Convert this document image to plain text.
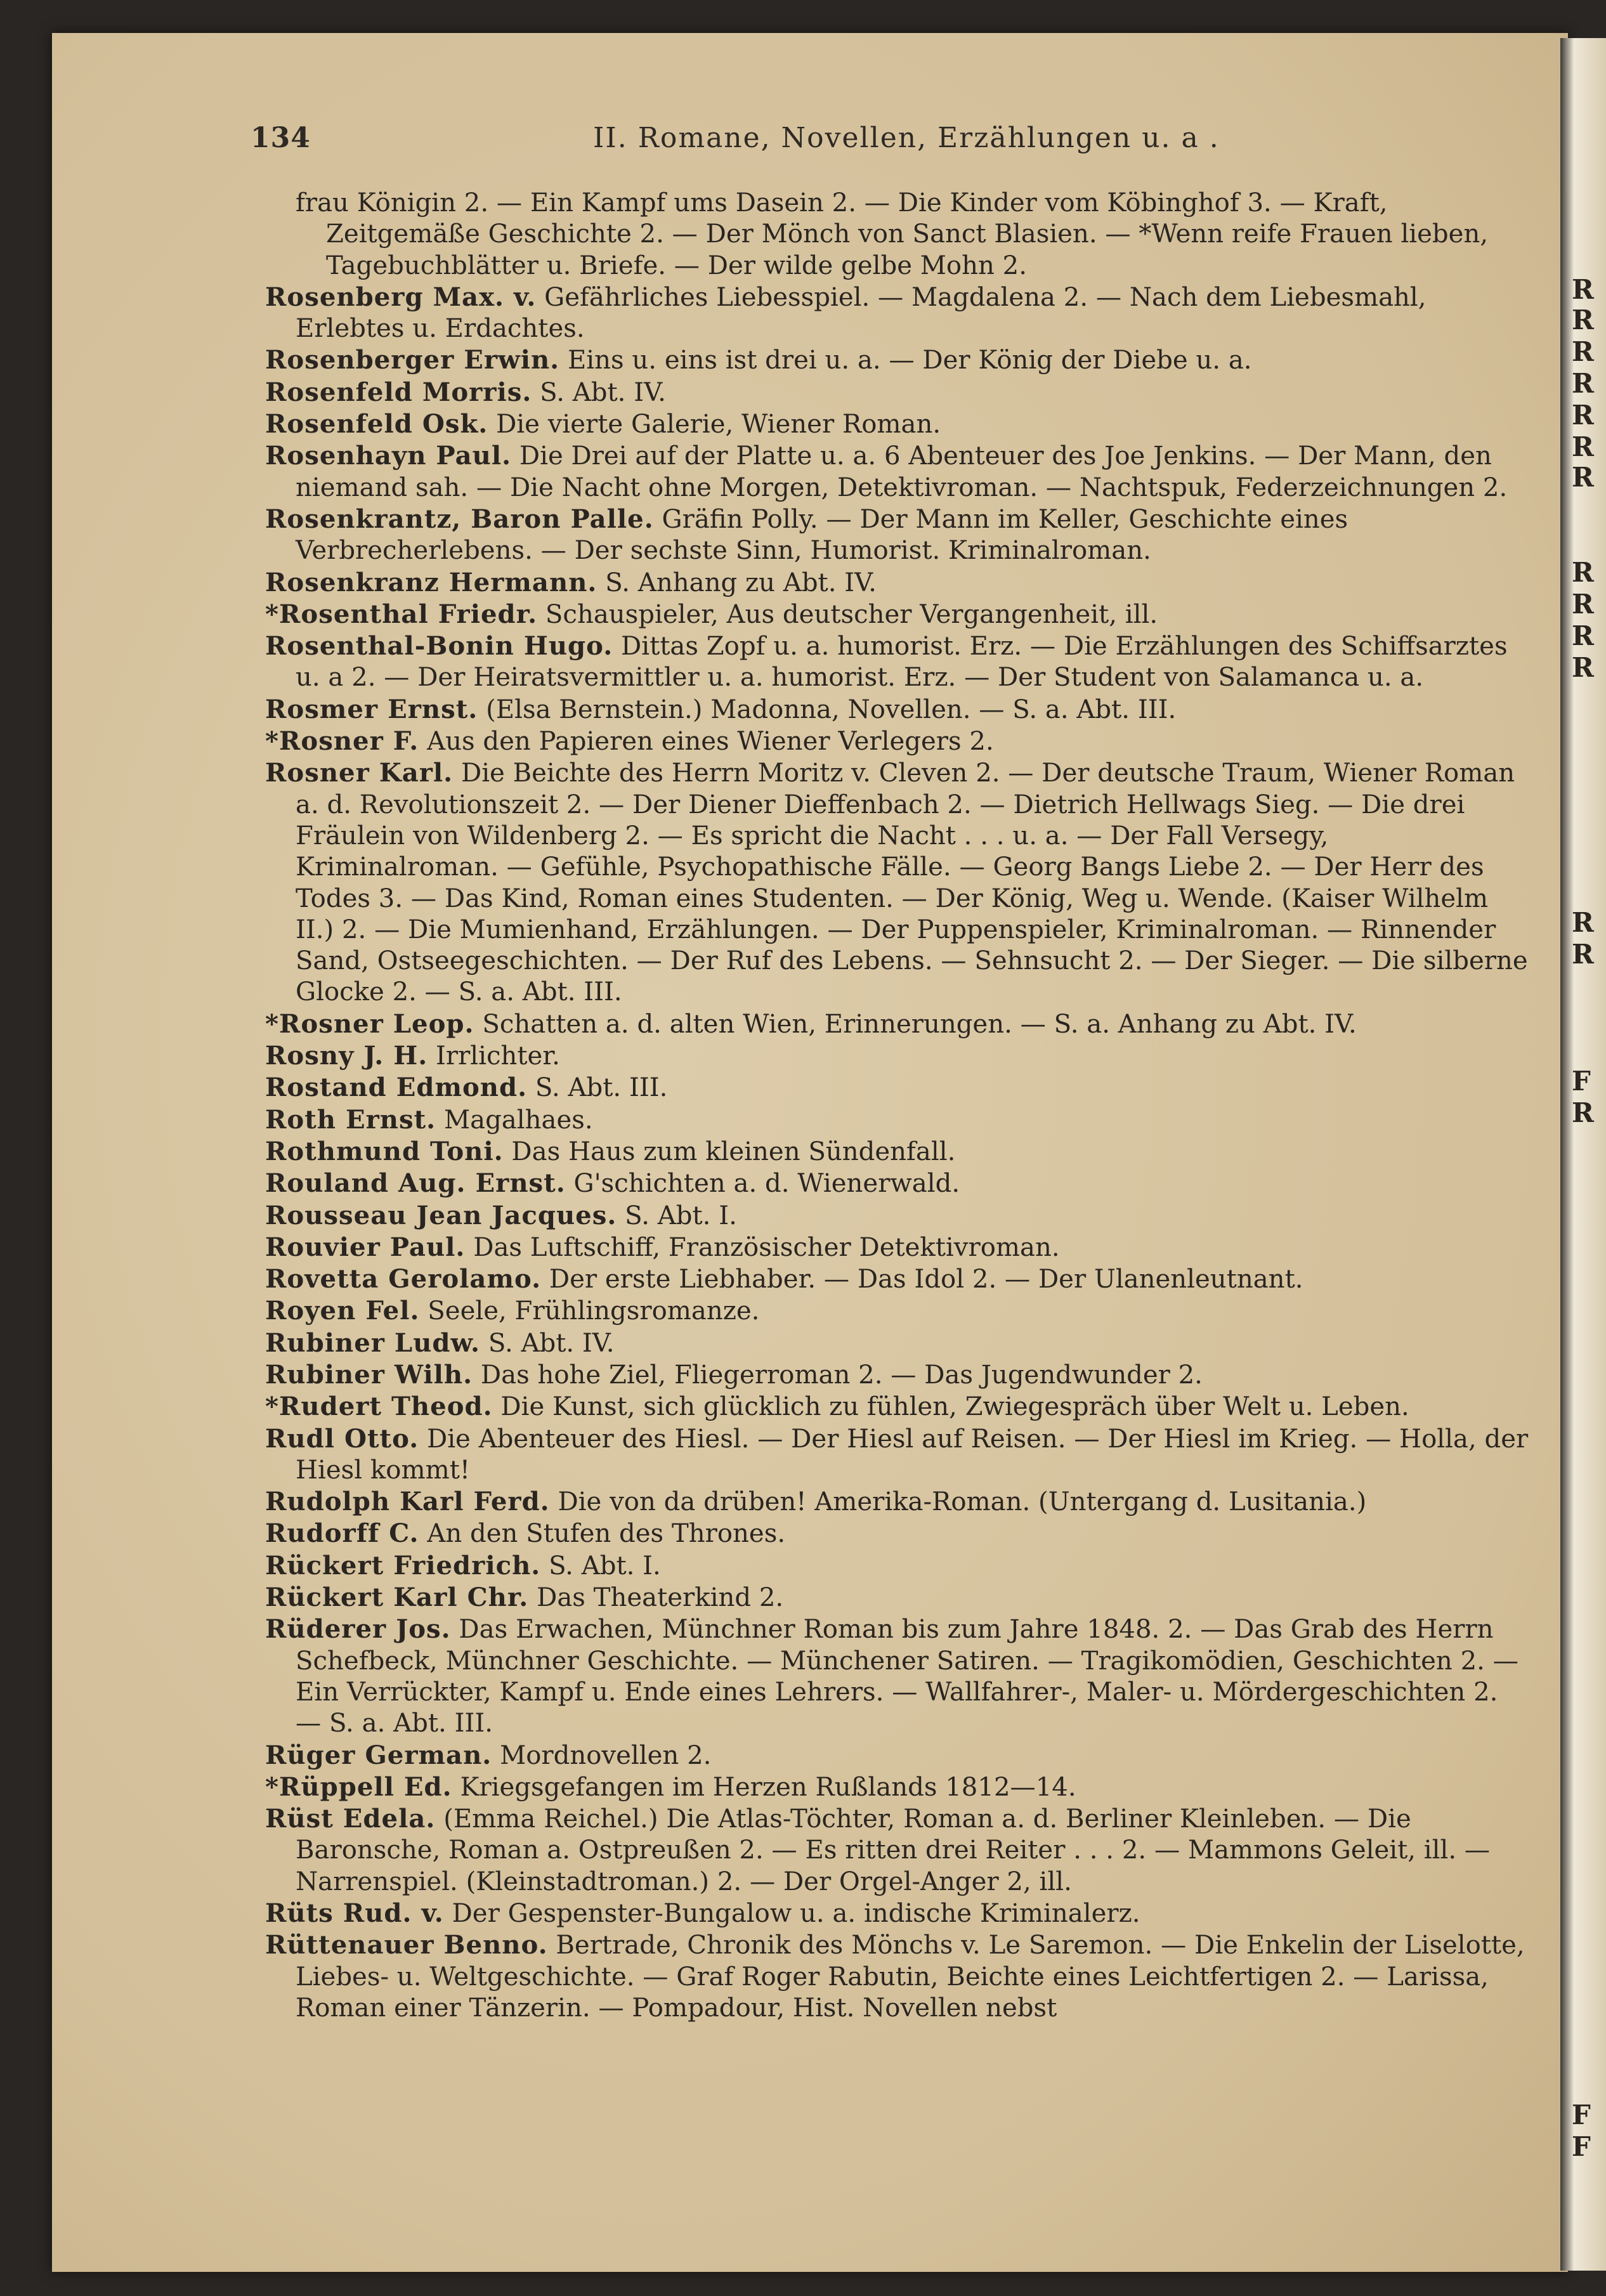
R
R
R
R
R
R
R
R
R
R
R
R
R
F
R
F
F
134	II. Romane, Novellen, Erzählungen u. a .
frau Königin 2. — Ein Kampf ums Dasein 2. — Die Kinder vom Köbinghof 3. — Kraft, Zeitgemäße Geschichte 2. — Der Mönch von Sanct Blasien. — *Wenn reife Frauen lieben, Tagebuchblätter u. Briefe. — Der wilde gelbe Mohn 2.
Rosenberg Max. v. Gefährliches Liebesspiel. — Magdalena 2. — Nach dem Liebesmahl, Erlebtes u. Erdachtes.
Rosenberger Erwin. Eins u. eins ist drei u. a. — Der König der Diebe u. a.
Rosenfeld Morris. S. Abt. IV.
Rosenfeld Osk. Die vierte Galerie, Wiener Roman.
Rosenhayn Paul. Die Drei auf der Platte u. a. 6 Abenteuer des Joe Jenkins. — Der Mann, den niemand sah. — Die Nacht ohne Morgen, Detektivroman. — Nachtspuk, Federzeichnungen 2.
Rosenkrantz, Baron Palle. Gräfin Polly. — Der Mann im Keller, Geschichte eines Verbrecherlebens. — Der sechste Sinn, Humorist. Kriminalroman.
Rosenkranz Hermann. S. Anhang zu Abt. IV.
*Rosenthal Friedr. Schauspieler, Aus deutscher Vergangenheit, ill.
Rosenthal-Bonin Hugo. Dittas Zopf u. a. humorist. Erz. — Die Erzählungen des Schiffsarztes u. a 2. — Der Heiratsvermittler u. a. humorist. Erz. — Der Student von Salamanca u. a.
Rosmer Ernst. (Elsa Bernstein.) Madonna, Novellen. — S. a. Abt. III.
*Rosner F. Aus den Papieren eines Wiener Verlegers 2.
Rosner Karl. Die Beichte des Herrn Moritz v. Cleven 2. — Der deutsche Traum, Wiener Roman a. d. Revolutionszeit 2. — Der Diener Dieffenbach 2. — Dietrich Hellwags Sieg. — Die drei Fräulein von Wildenberg 2. — Es spricht die Nacht . . . u. a. — Der Fall Versegy, Kriminalroman. — Gefühle, Psychopathische Fälle. — Georg Bangs Liebe 2. — Der Herr des Todes 3. — Das Kind, Roman eines Studenten. — Der König, Weg u. Wende. (Kaiser Wilhelm II.) 2. — Die Mumienhand, Erzählungen. — Der Puppenspieler, Kriminalroman. — Rinnender Sand, Ostseegeschichten. — Der Ruf des Lebens. — Sehnsucht 2. — Der Sieger. — Die silberne Glocke 2. — S. a. Abt. III.
*Rosner Leop. Schatten a. d. alten Wien, Erinnerungen. — S. a. Anhang zu Abt. IV.
Rosny J. H. Irrlichter.
Rostand Edmond. S. Abt. III.
Roth Ernst. Magalhaes.
Rothmund Toni. Das Haus zum kleinen Sündenfall.
Rouland Aug. Ernst. G'schichten a. d. Wienerwald.
Rousseau Jean Jacques. S. Abt. I.
Rouvier Paul. Das Luftschiff, Französischer Detektivroman.
Rovetta Gerolamo. Der erste Liebhaber. — Das Idol 2. — Der Ulanenleutnant.
Royen Fel. Seele, Frühlingsromanze.
Rubiner Ludw. S. Abt. IV.
Rubiner Wilh. Das hohe Ziel, Fliegerroman 2. — Das Jugendwunder 2.
*Rudert Theod. Die Kunst, sich glücklich zu fühlen, Zwiegespräch über Welt u. Leben.
Rudl Otto. Die Abenteuer des Hiesl. — Der Hiesl auf Reisen. — Der Hiesl im Krieg. — Holla, der Hiesl kommt!
Rudolph Karl Ferd. Die von da drüben! Amerika-Roman. (Untergang d. Lusitania.)
Rudorff C. An den Stufen des Thrones.
Rückert Friedrich. S. Abt. I.
Rückert Karl Chr. Das Theaterkind 2.
Rüderer Jos. Das Erwachen, Münchner Roman bis zum Jahre 1848. 2. — Das Grab des Herrn Schefbeck, Münchner Geschichte. — Münchener Satiren. — Tragikomödien, Geschichten 2. — Ein Verrückter, Kampf u. Ende eines Lehrers. — Wallfahrer-, Maler- u. Mördergeschichten 2. — S. a. Abt. III.
Rüger German. Mordnovellen 2.
*Rüppell Ed. Kriegsgefangen im Herzen Rußlands 1812—14.
Rüst Edela. (Emma Reichel.) Die Atlas-Töchter, Roman a. d. Berliner Kleinleben. — Die Baronsche, Roman a. Ostpreußen 2. — Es ritten drei Reiter . . . 2. — Mammons Geleit, ill. — Narrenspiel. (Kleinstadtroman.) 2. — Der Orgel-Anger 2, ill.
Rüts Rud. v. Der Gespenster-Bungalow u. a. indische Kriminalerz.
Rüttenauer Benno. Bertrade, Chronik des Mönchs v. Le Saremon. — Die Enkelin der Liselotte, Liebes- u. Weltgeschichte. — Graf Roger Rabutin, Beichte eines Leichtfertigen 2. — Larissa, Roman einer Tänzerin. — Pompadour, Hist. Novellen nebst
